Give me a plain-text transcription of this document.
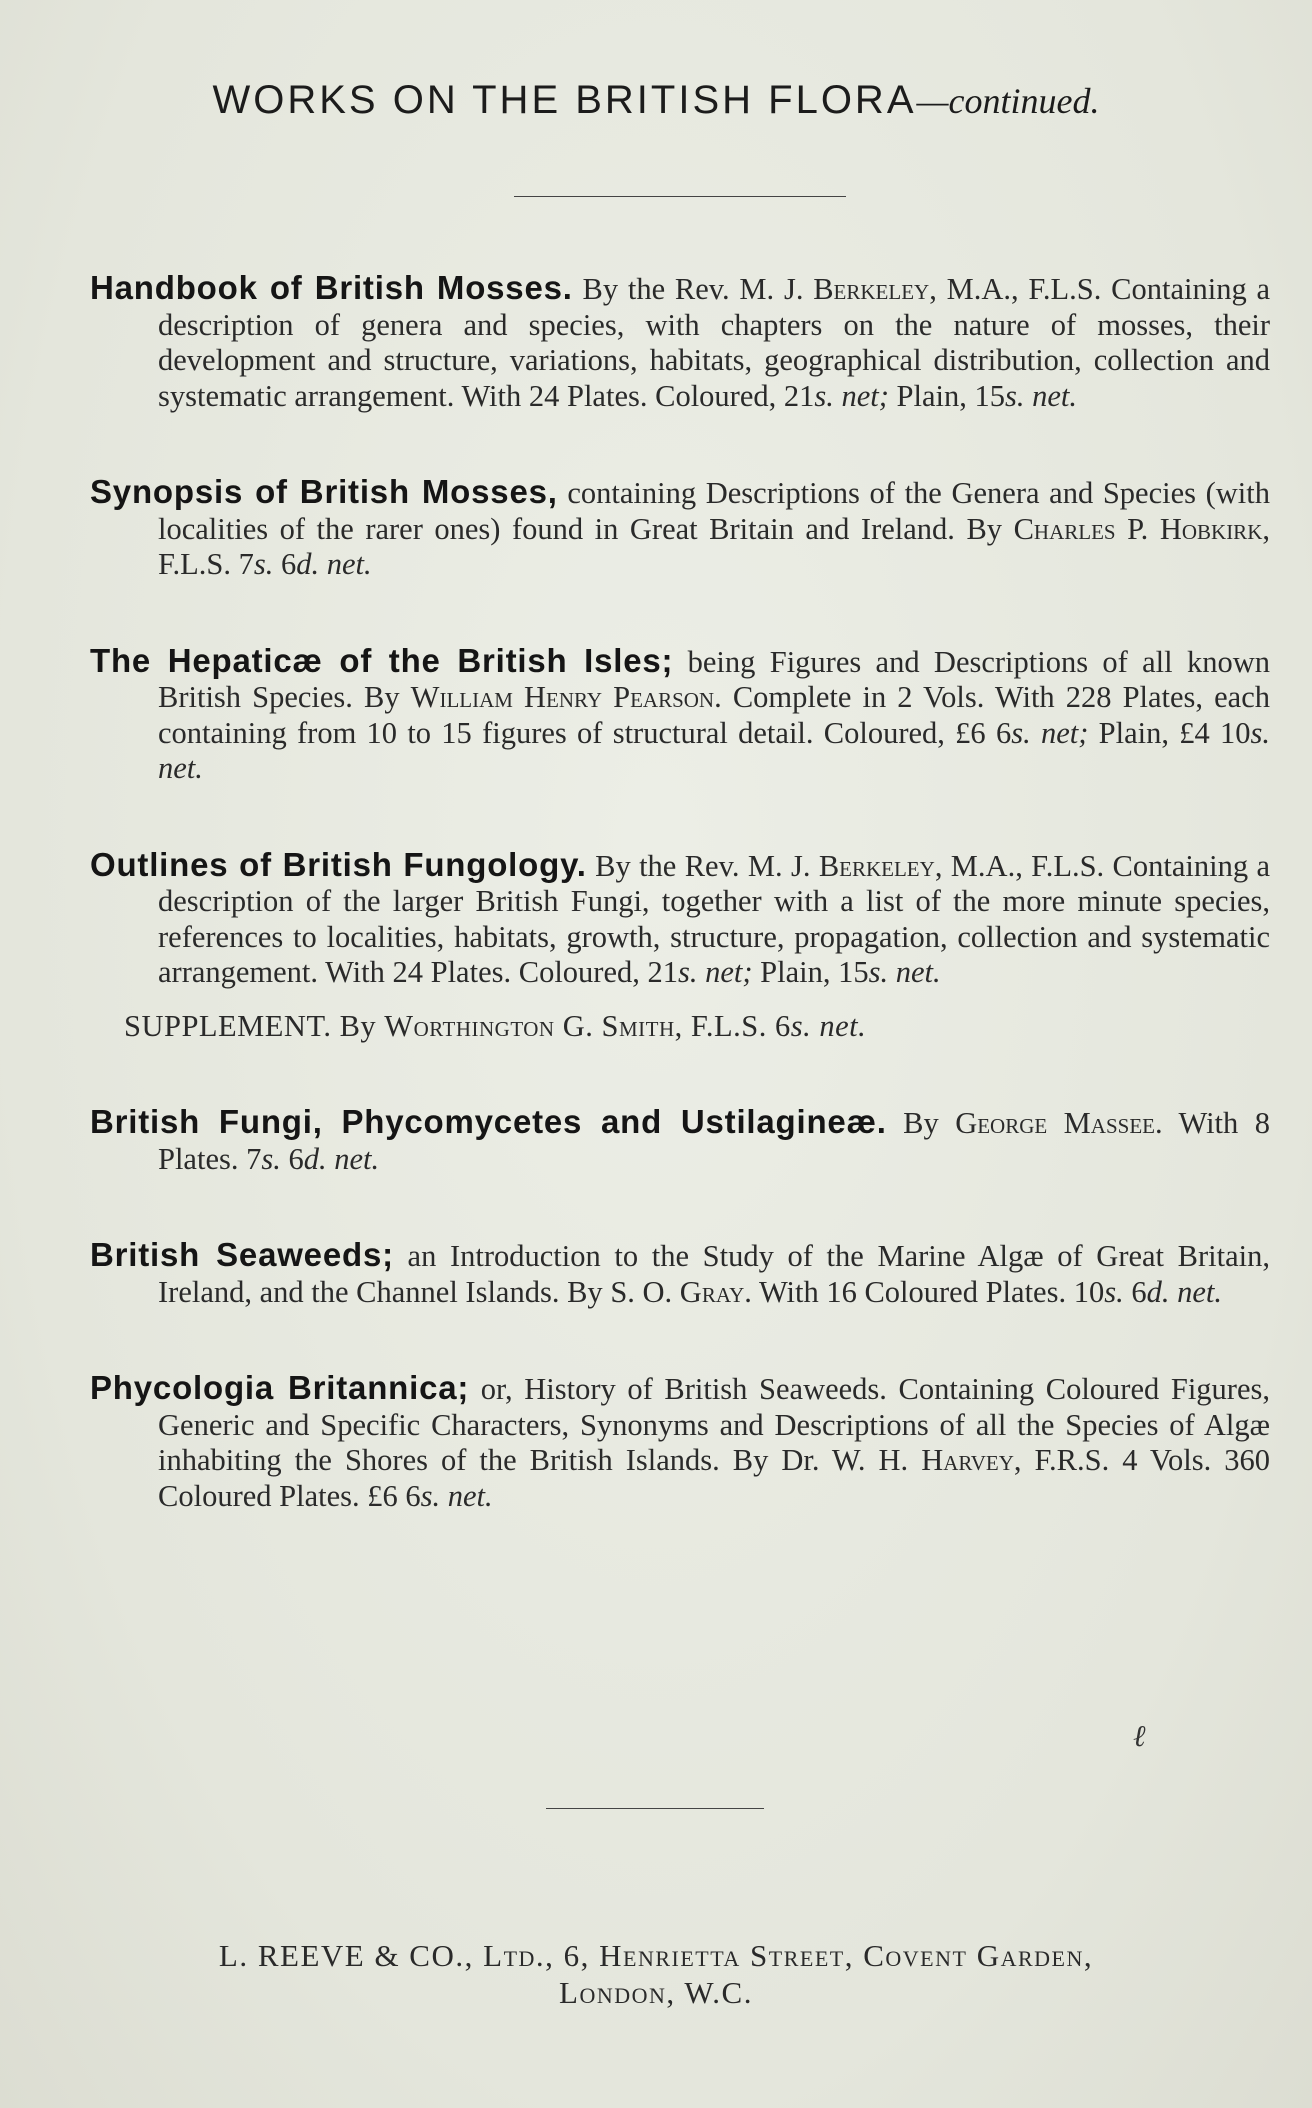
WORKS ON THE BRITISH FLORA—continued.

Handbook of British Mosses. By the Rev. M. J. Berkeley, M.A., F.L.S. Containing a description of genera and species, with chapters on the nature of mosses, their development and structure, variations, habitats, geographical distribution, collection and systematic arrangement. With 24 Plates. Coloured, 21s. net; Plain, 15s. net.

Synopsis of British Mosses, containing Descriptions of the Genera and Species (with localities of the rarer ones) found in Great Britain and Ireland. By Charles P. Hobkirk, F.L.S. 7s. 6d. net.

The Hepaticæ of the British Isles; being Figures and Descriptions of all known British Species. By William Henry Pearson. Complete in 2 Vols. With 228 Plates, each containing from 10 to 15 figures of structural detail. Coloured, £6 6s. net; Plain, £4 10s. net.

Outlines of British Fungology. By the Rev. M. J. Berkeley, M.A., F.L.S. Containing a description of the larger British Fungi, together with a list of the more minute species, references to localities, habitats, growth, structure, propagation, collection and systematic arrangement. With 24 Plates. Coloured, 21s. net; Plain, 15s. net.

SUPPLEMENT. By Worthington G. Smith, F.L.S. 6s. net.

British Fungi, Phycomycetes and Ustilagineæ. By George Massee. With 8 Plates. 7s. 6d. net.

British Seaweeds; an Introduction to the Study of the Marine Algæ of Great Britain, Ireland, and the Channel Islands. By S. O. Gray. With 16 Coloured Plates. 10s. 6d. net.

Phycologia Britannica; or, History of British Seaweeds. Containing Coloured Figures, Generic and Specific Characters, Synonyms and Descriptions of all the Species of Algæ inhabiting the Shores of the British Islands. By Dr. W. H. Harvey, F.R.S. 4 Vols. 360 Coloured Plates. £6 6s. net.

ℓ
L. REEVE & CO., Ltd., 6, Henrietta Street, Covent Garden,
London, W.C.
